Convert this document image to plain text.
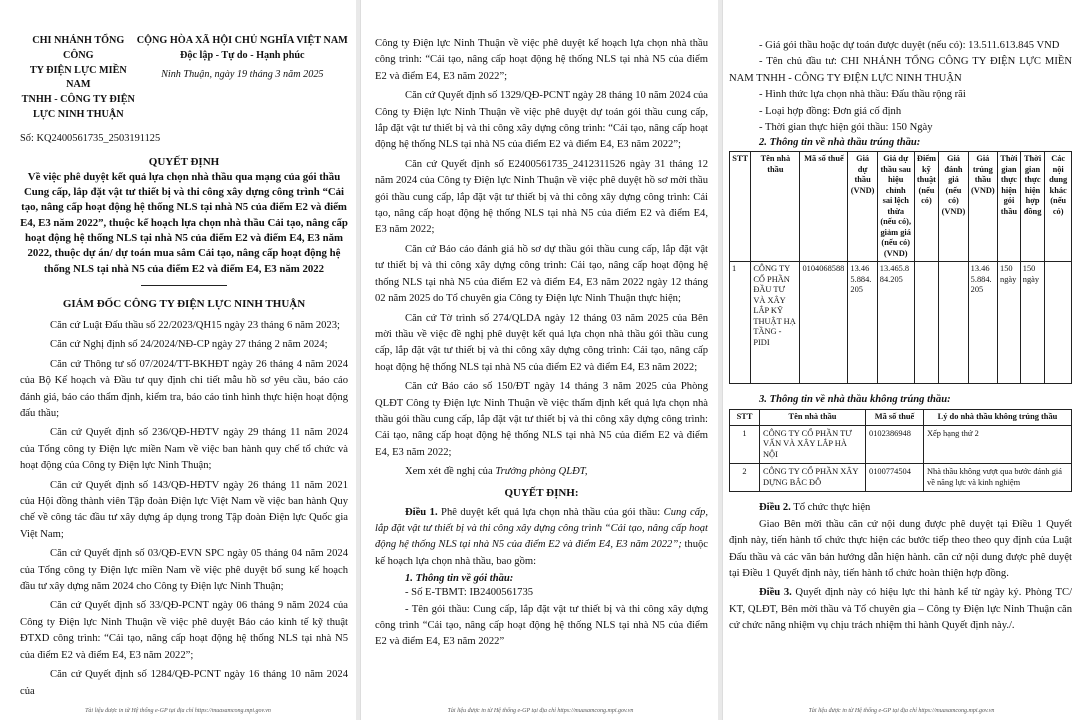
CHI NHÁNH TỔNG CÔNG
TY ĐIỆN LỰC MIỀN NAM
TNHH - CÔNG TY ĐIỆN
LỰC NINH THUẬN
CỘNG HÒA XÃ HỘI CHỦ NGHĨA VIỆT NAM
Độc lập - Tự do - Hạnh phúc
Ninh Thuận, ngày 19 tháng 3 năm 2025
Số: KQ2400561735_2503191125
QUYẾT ĐỊNH
Về việc phê duyệt kết quả lựa chọn nhà thầu qua mạng của gói thầu Cung cấp, lắp đặt vật tư thiết bị và thi công xây dựng công trình “Cải tạo, nâng cấp hoạt động hệ thống NLS tại nhà N5 của điểm E2 và điểm E4, E3 năm 2022”, thuộc kế hoạch lựa chọn nhà thầu Cải tạo, nâng cấp hoạt động hệ thống NLS tại nhà N5 của điểm E2 và điểm E4, E3 năm 2022, thuộc dự án/ dự toán mua sắm Cải tạo, nâng cấp hoạt động hệ thống NLS tại nhà N5 của điểm E2 và điểm E4, E3 năm 2022
GIÁM ĐỐC CÔNG TY ĐIỆN LỰC NINH THUẬN
Căn cứ Luật Đấu thầu số 22/2023/QH15 ngày 23 tháng 6 năm 2023;
Căn cứ Nghị định số 24/2024/NĐ-CP ngày 27 tháng 2 năm 2024;
Căn cứ Thông tư số 07/2024/TT-BKHĐT ngày 26 tháng 4 năm 2024 của Bộ Kế hoạch và Đầu tư quy định chi tiết mẫu hồ sơ yêu cầu, báo cáo đánh giá, báo cáo thẩm định, kiểm tra, báo cáo tình hình thực hiện hoạt động đấu thầu;
Căn cứ Quyết định số 236/QĐ-HĐTV ngày 29 tháng 11 năm 2024 của Tổng công ty Điện lực miền Nam về việc ban hành quy chế tổ chức và hoạt động của Công ty Điện lực Ninh Thuận;
Căn cứ Quyết định số 143/QĐ-HĐTV ngày 26 tháng 11 năm 2021 của Hội đồng thành viên Tập đoàn Điện lực Việt Nam về việc ban hành Quy chế về công tác đầu tư xây dựng áp dụng trong Tập đoàn Điện lực Quốc gia Việt Nam;
Căn cứ Quyết định số 03/QĐ-EVN SPC ngày 05 tháng 04 năm 2024 của Tổng công ty Điện lực miền Nam về việc phê duyệt bổ sung kế hoạch đầu tư xây dựng năm 2024 cho Công ty Điện lực Ninh Thuận;
Căn cứ Quyết định số 33/QĐ-PCNT ngày 06 tháng 9 năm 2024 của Công ty Điện lực Ninh Thuận về việc phê duyệt Báo cáo kinh tế kỹ thuật ĐTXD công trình: “Cải tạo, nâng cấp hoạt động hệ thống NLS tại nhà N5 của điểm E2 và điểm E4, E3 năm 2022”;
Căn cứ Quyết định số 1284/QĐ-PCNT ngày 16 tháng 10 năm 2024 của
Tài liệu được in từ Hệ thống e-GP tại địa chỉ https://muasamcong.mpi.gov.vn
Công ty Điện lực Ninh Thuận về việc phê duyệt kế hoạch lựa chọn nhà thầu công trình: “Cải tạo, nâng cấp hoạt động hệ thống NLS tại nhà N5 của điểm E2 và điểm E4, E3 năm 2022”;
Căn cứ Quyết định số 1329/QĐ-PCNT ngày 28 tháng 10 năm 2024 của Công ty Điện lực Ninh Thuận về việc phê duyệt dự toán gói thầu cung cấp, lắp đặt vật tư thiết bị và thi công xây dựng công trình: “Cải tạo, nâng cấp hoạt động hệ thống NLS tại nhà N5 của điểm E2 và điểm E4, E3 năm 2022”;
Căn cứ Quyết định số E2400561735_2412311526 ngày 31 tháng 12 năm 2024 của Công ty Điện lực Ninh Thuận về việc phê duyệt hồ sơ mời thầu gói thầu cung cấp, lắp đặt vật tư thiết bị và thi công xây dựng công trình: Cải tạo, nâng cấp hoạt động hệ thống NLS tại nhà N5 của điểm E2 và điểm E4, E3 năm 2022;
Căn cứ Báo cáo đánh giá hồ sơ dự thầu gói thầu cung cấp, lắp đặt vật tư thiết bị và thi công xây dựng công trình: Cải tạo, nâng cấp hoạt động hệ thống NLS tại nhà N5 của điểm E2 và điểm E4, E3 năm 2022 ngày 12 tháng 02 năm 2025 do Tổ chuyên gia Công ty Điện lực Ninh Thuận thực hiện;
Căn cứ Tờ trình số 274/QLDA ngày 12 tháng 03 năm 2025 của Bên mời thầu về việc đề nghị phê duyệt kết quả lựa chọn nhà thầu gói thầu cung cấp, lắp đặt vật tư thiết bị và thi công xây dựng công trình: Cải tạo, nâng cấp hoạt động hệ thống NLS tại nhà N5 của điểm E2 và điểm E4, E3 năm 2022;
Căn cứ Báo cáo số 150/ĐT ngày 14 tháng 3 năm 2025 của Phòng QLĐT Công ty Điện lực Ninh Thuận về việc thẩm định kết quả lựa chọn nhà thầu gói thầu cung cấp, lắp đặt vật tư thiết bị và thi công xây dựng công trình: Cải tạo, nâng cấp hoạt động hệ thống NLS tại nhà N5 của điểm E2 và điểm E4, E3 năm 2022;
Xem xét đề nghị của Trưởng phòng QLĐT,
QUYẾT ĐỊNH:
Điều 1. Phê duyệt kết quả lựa chọn nhà thầu của gói thầu: Cung cấp, lắp đặt vật tư thiết bị và thi công xây dựng công trình “Cải tạo, nâng cấp hoạt động hệ thống NLS tại nhà N5 của điểm E2 và điểm E4, E3 năm 2022”; thuộc kế hoạch lựa chọn nhà thầu, bao gồm:
1. Thông tin về gói thầu:
- Số E-TBMT: IB2400561735
- Tên gói thầu: Cung cấp, lắp đặt vật tư thiết bị và thi công xây dựng công trình “Cải tạo, nâng cấp hoạt động hệ thống NLS tại nhà N5 của điểm E2 và điểm E4, E3 năm 2022”
Tài liệu được in từ Hệ thống e-GP tại địa chỉ https://muasamcong.mpi.gov.vn
- Giá gói thầu hoặc dự toán được duyệt (nếu có): 13.511.613.845 VND
- Tên chủ đầu tư: CHI NHÁNH TỔNG CÔNG TY ĐIỆN LỰC MIỀN NAM TNHH - CÔNG TY ĐIỆN LỰC NINH THUẬN
- Hình thức lựa chọn nhà thầu: Đấu thầu rộng rãi
- Loại hợp đồng: Đơn giá cố định
- Thời gian thực hiện gói thầu: 150 Ngày
2. Thông tin về nhà thầu trúng thầu:
STT	Tên nhà thầu	Mã số thuế	Giá dự thầu (VND)	Giá dự thầu sau hiệu chỉnh sai lệch thừa (nếu có), giảm giá (nếu có) (VND)	Điểm kỹ thuật (nếu có)	Giá đánh giá (nếu có) (VND)	Giá trúng thầu (VND)	Thời gian thực hiện gói thầu	Thời gian thực hiện hợp đồng	Các nội dung khác (nếu có)
1	CÔNG TY CỔ PHẦN ĐẦU TƯ VÀ XÂY LẮP KỸ THUẬT HẠ TẦNG - PIDI	0104068588	13.465.884.205	13.465.884.205			13.465.884.205	150 ngày	150 ngày	
3. Thông tin về nhà thầu không trúng thầu:
STT	Tên nhà thầu	Mã số thuế	Lý do nhà thầu không trúng thầu
1	CÔNG TY CỔ PHẦN TƯ VẤN VÀ XÂY LẮP HÀ NỘI	0102386948	Xếp hạng thứ 2
2	CÔNG TY CỔ PHẦN XÂY DỰNG BẮC ĐÔ	0100774504	Nhà thầu không vượt qua bước đánh giá về năng lực và kinh nghiệm
Điều 2. Tổ chức thực hiện
Giao Bên mời thầu căn cứ nội dung được phê duyệt tại Điều 1 Quyết định này, tiến hành tổ chức thực hiện các bước tiếp theo theo quy định của Luật Đấu thầu và các văn bản hướng dẫn hiện hành. căn cứ nội dung được phê duyệt tại Điều 1 Quyết định này, tiến hành tổ chức hoàn thiện hợp đồng.
Điều 3. Quyết định này có hiệu lực thi hành kể từ ngày ký. Phòng TC/ KT, QLĐT, Bên mời thầu và Tổ chuyên gia – Công ty Điện lực Ninh Thuận căn cứ chức năng nhiệm vụ chịu trách nhiệm thi hành Quyết định này./.
Tài liệu được in từ Hệ thống e-GP tại địa chỉ https://muasamcong.mpi.gov.vn
